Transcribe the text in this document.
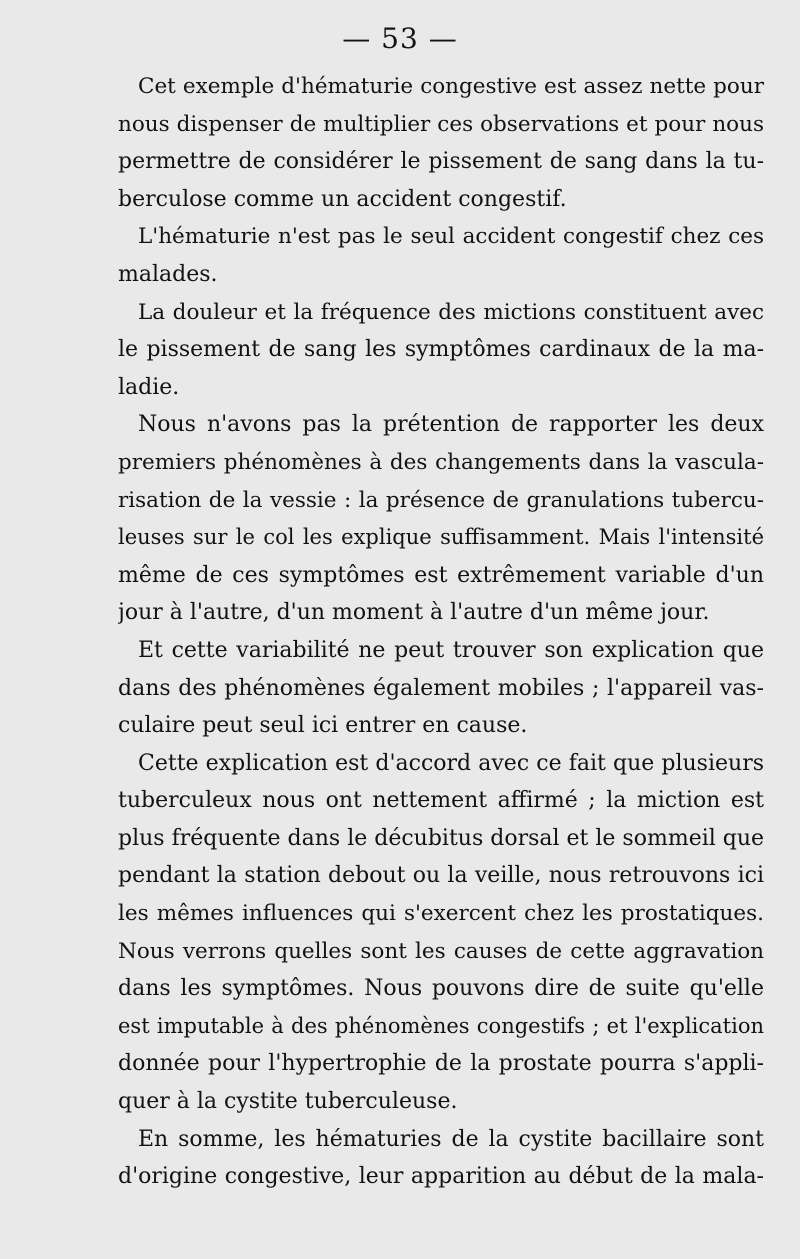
— 53 —
Cet exemple d'hématurie congestive est assez nette pour
nous dispenser de multiplier ces observations et pour nous
permettre de considérer le pissement de sang dans la tu-
berculose comme un accident congestif.
L'hématurie n'est pas le seul accident congestif chez ces
malades.
La douleur et la fréquence des mictions constituent avec
le pissement de sang les symptômes cardinaux de la ma-
ladie.
Nous n'avons pas la prétention de rapporter les deux
premiers phénomènes à des changements dans la vascula-
risation de la vessie : la présence de granulations tubercu-
leuses sur le col les explique suffisamment. Mais l'intensité
même de ces symptômes est extrêmement variable d'un
jour à l'autre, d'un moment à l'autre d'un même jour.
Et cette variabilité ne peut trouver son explication que
dans des phénomènes également mobiles ; l'appareil vas-
culaire peut seul ici entrer en cause.
Cette explication est d'accord avec ce fait que plusieurs
tuberculeux nous ont nettement affirmé ; la miction est
plus fréquente dans le décubitus dorsal et le sommeil que
pendant la station debout ou la veille, nous retrouvons ici
les mêmes influences qui s'exercent chez les prostatiques.
Nous verrons quelles sont les causes de cette aggravation
dans les symptômes. Nous pouvons dire de suite qu'elle
est imputable à des phénomènes congestifs ; et l'explication
donnée pour l'hypertrophie de la prostate pourra s'appli-
quer à la cystite tuberculeuse.
En somme, les hématuries de la cystite bacillaire sont
d'origine congestive, leur apparition au début de la mala-
